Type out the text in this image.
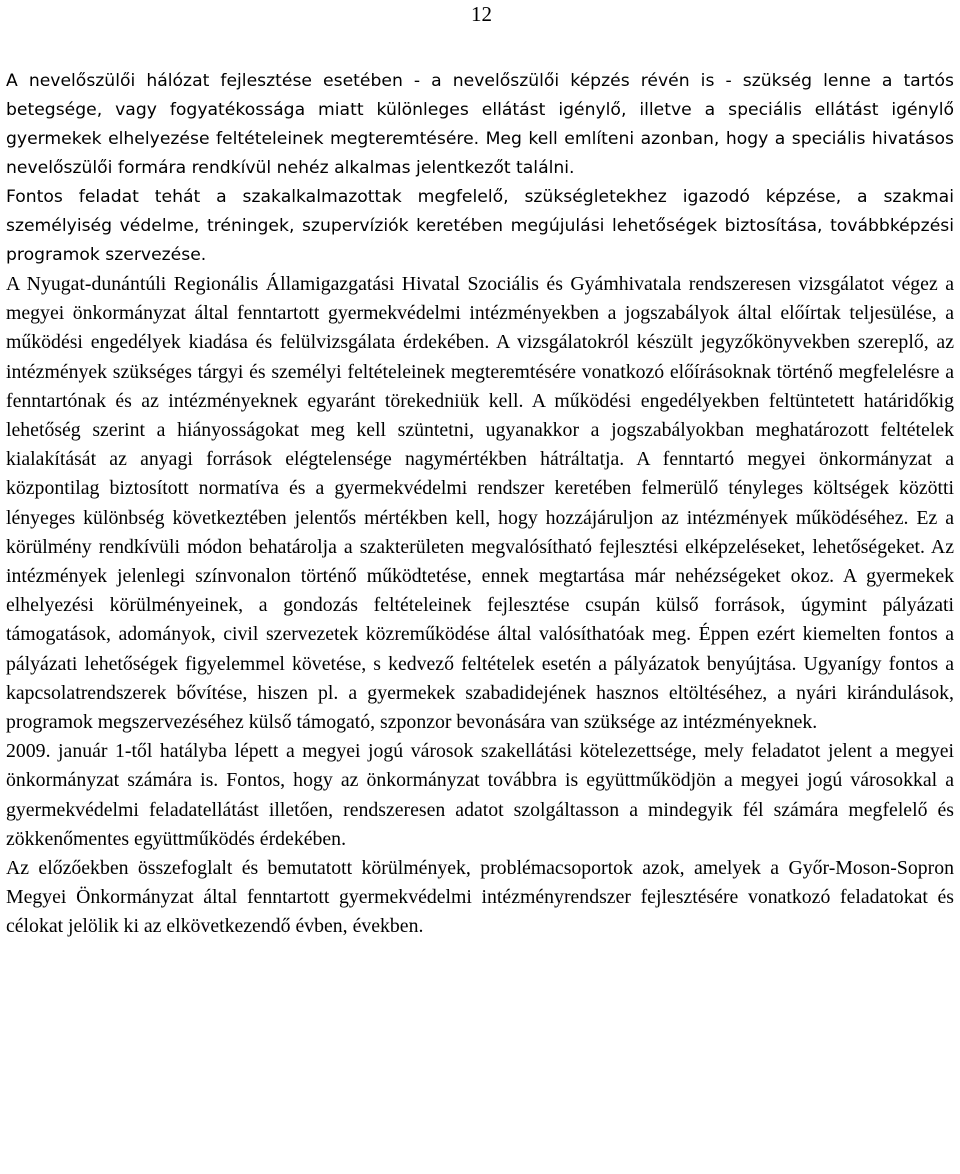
12

A nevelőszülői hálózat fejlesztése esetében - a nevelőszülői képzés révén is - szükség lenne a tartós betegsége, vagy fogyatékossága miatt különleges ellátást igénylő, illetve a speciális ellátást igénylő gyermekek elhelyezése feltételeinek megteremtésére. Meg kell említeni azonban, hogy a speciális hivatásos nevelőszülői formára rendkívül nehéz alkalmas jelentkezőt találni.

Fontos feladat tehát a szakalkalmazottak megfelelő, szükségletekhez igazodó képzése, a szakmai személyiség védelme, tréningek, szupervíziók keretében megújulási lehetőségek biztosítása, továbbképzési programok szervezése.

A Nyugat-dunántúli Regionális Államigazgatási Hivatal Szociális és Gyámhivatala rendszeresen vizsgálatot végez a megyei önkormányzat által fenntartott gyermekvédelmi intézményekben a jogszabályok által előírtak teljesülése, a működési engedélyek kiadása és felülvizsgálata érdekében. A vizsgálatokról készült jegyzőkönyvekben szereplő, az intézmények szükséges tárgyi és személyi feltételeinek megteremtésére vonatkozó előírásoknak történő megfelelésre a fenntartónak és az intézményeknek egyaránt törekedniük kell. A működési engedélyekben feltüntetett határidőkig lehetőség szerint a hiányosságokat meg kell szüntetni, ugyanakkor a jogszabályokban meghatározott feltételek kialakítását az anyagi források elégtelensége nagymértékben hátráltatja. A fenntartó megyei önkormányzat a központilag biztosított normatíva és a gyermekvédelmi rendszer keretében felmerülő tényleges költségek közötti lényeges különbség következtében jelentős mértékben kell, hogy hozzájáruljon az intézmények működéséhez. Ez a körülmény rendkívüli módon behatárolja a szakterületen megvalósítható fejlesztési elképzeléseket, lehetőségeket. Az intézmények jelenlegi színvonalon történő működtetése, ennek megtartása már nehézségeket okoz. A gyermekek elhelyezési körülményeinek, a gondozás feltételeinek fejlesztése csupán külső források, úgymint pályázati támogatások, adományok, civil szervezetek közreműködése által valósíthatóak meg. Éppen ezért kiemelten fontos a pályázati lehetőségek figyelemmel követése, s kedvező feltételek esetén a pályázatok benyújtása. Ugyanígy fontos a kapcsolatrendszerek bővítése, hiszen pl. a gyermekek szabadidejének hasznos eltöltéséhez, a nyári kirándulások, programok megszervezéséhez külső támogató, szponzor bevonására van szüksége az intézményeknek.

2009. január 1-től hatályba lépett a megyei jogú városok szakellátási kötelezettsége, mely feladatot jelent a megyei önkormányzat számára is. Fontos, hogy az önkormányzat továbbra is együttműködjön a megyei jogú városokkal a gyermekvédelmi feladatellátást illetően, rendszeresen adatot szolgáltasson a mindegyik fél számára megfelelő és zökkenőmentes együttműködés érdekében.

Az előzőekben összefoglalt és bemutatott körülmények, problémacsoportok azok, amelyek a Győr-Moson-Sopron Megyei Önkormányzat által fenntartott gyermekvédelmi intézményrendszer fejlesztésére vonatkozó feladatokat és célokat jelölik ki az elkövetkezendő évben, években.
